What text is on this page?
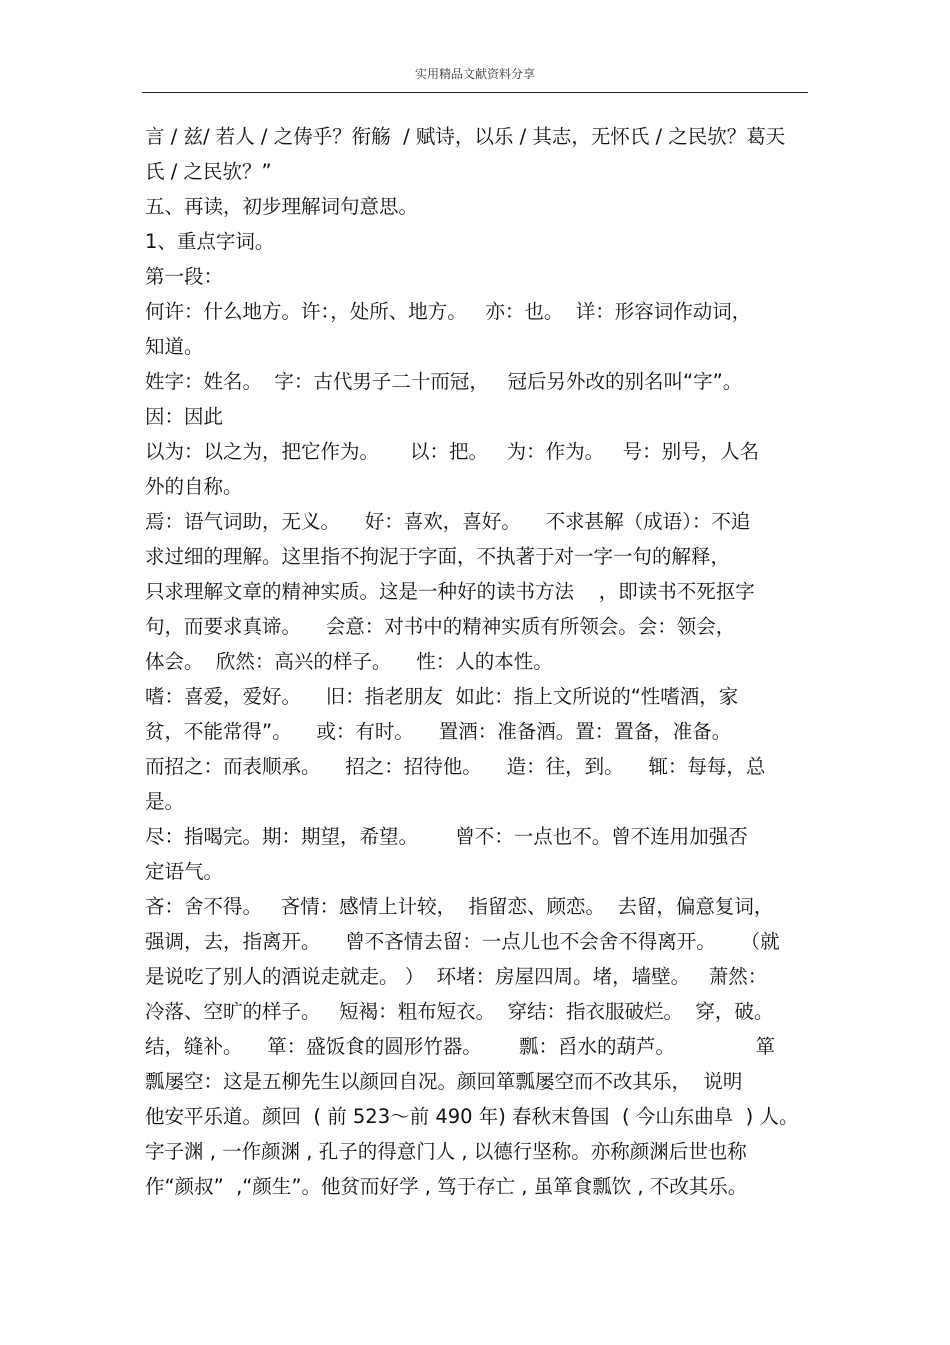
实用精品文献资料分享
言 / 兹/ 若人 / 之俦乎？衔觞  / 赋诗，以乐 / 其志，无怀氏 / 之民欤？葛天
氏 / 之民欤？”
五、再读，初步理解词句意思。
1、重点字词。
第一段：
何许：什么地方。许：，处所、地方。   亦：也。  详：形容词作动词，
知道。
姓字：姓名。  字：古代男子二十而冠，   冠后另外改的别名叫“字”。
因：因此
以为：以之为，把它作为。     以：把。   为：作为。   号：别号，人名
外的自称。
焉：语气词助，无义。    好：喜欢，喜好。    不求甚解（成语）：不追
求过细的理解。这里指不拘泥于字面，不执著于对一字一句的解释，
只求理解文章的精神实质。这是一种好的读书方法    ，即读书不死抠字
句，而要求真谛。    会意：对书中的精神实质有所领会。会：领会，
体会。  欣然：高兴的样子。    性：人的本性。
嗜：喜爱，爱好。    旧：指老朋友  如此：指上文所说的“性嗜酒，家
贫，不能常得”。    或：有时。    置酒：准备酒。置：置备，准备。
而招之：而表顺承。    招之：招待他。    造：往，到。    辄：每每，总
是。
尽：指喝完。期：期望，希望。      曾不：一点也不。曾不连用加强否
定语气。
吝：舍不得。   吝情：感情上计较，  指留恋、顾恋。  去留，偏意复词，
强调，去，指离开。    曾不吝情去留：一点儿也不会舍不得离开。    （就
是说吃了别人的酒说走就走。 ）  环堵：房屋四周。堵，墙壁。   萧然：
冷落、空旷的样子。   短褐：粗布短衣。  穿结：指衣服破烂。  穿，破。
结，缝补。    箪：盛饭食的圆形竹器。      瓢：舀水的葫芦。             箪
瓢屡空：这是五柳先生以颜回自况。颜回箪瓢屡空而不改其乐，  说明
他安平乐道。颜回  ( 前 523～前 490 年) 春秋末鲁国  ( 今山东曲阜  ) 人。
字子渊 , 一作颜渊 , 孔子的得意门人 , 以德行坚称。亦称颜渊后世也称
作“颜叔”  ,“颜生”。他贫而好学 , 笃于存亡 , 虽箪食瓢饮 , 不改其乐。
